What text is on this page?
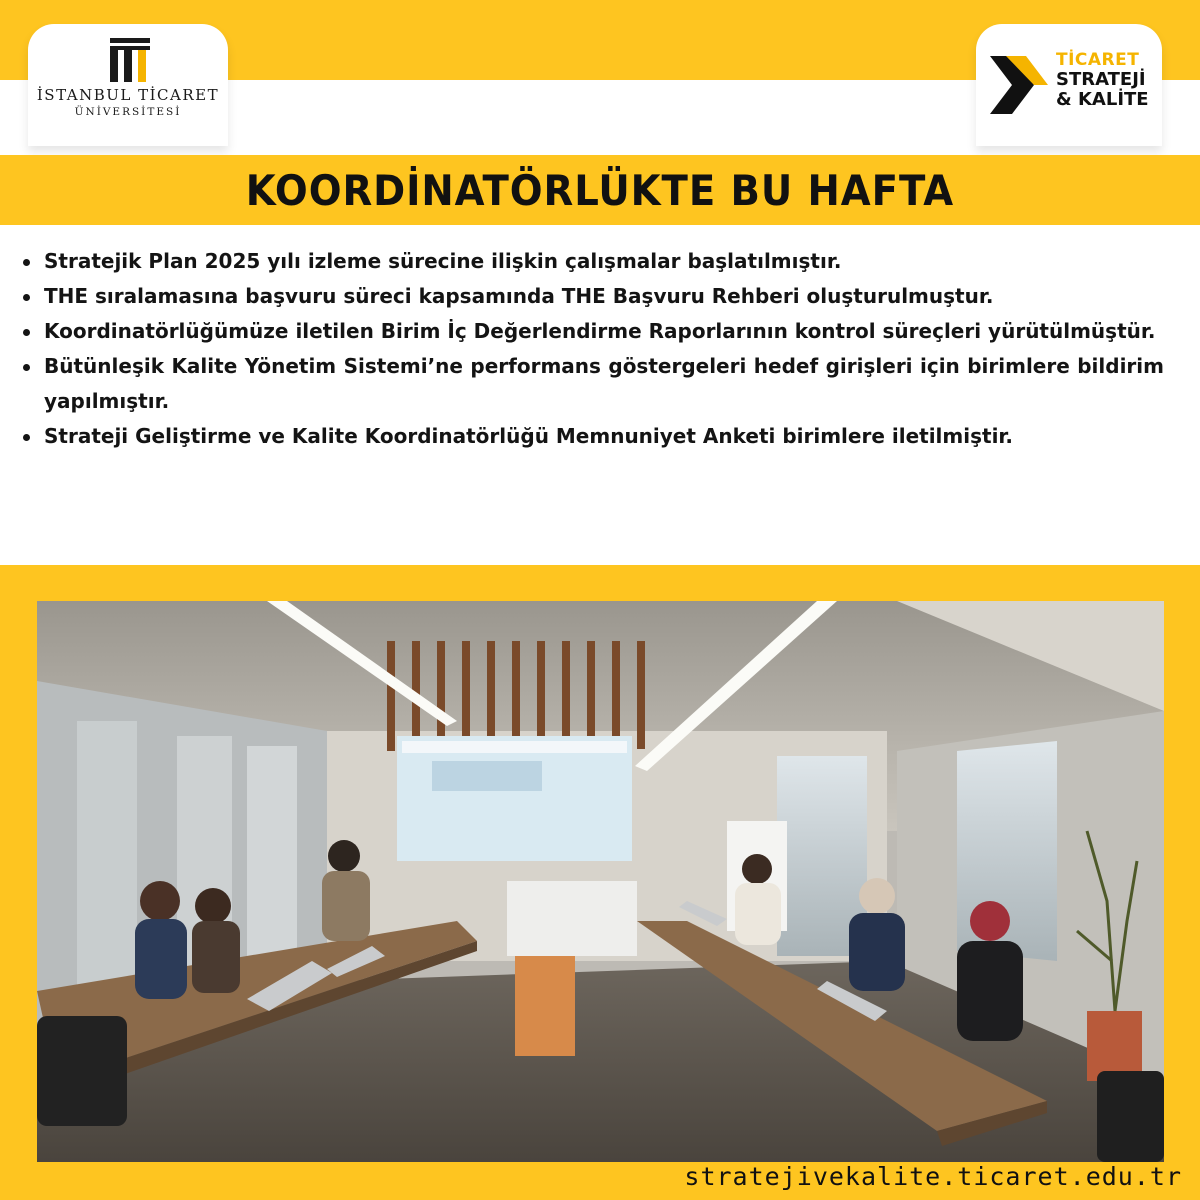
İSTANBUL TİCARET
ÜNİVERSİTESİ
TİCARET
STRATEJİ
& KALİTE
KOORDİNATÖRLÜKTE BU HAFTA
Stratejik Plan 2025 yılı izleme sürecine ilişkin çalışmalar başlatılmıştır.
THE sıralamasına başvuru süreci kapsamında THE Başvuru Rehberi oluşturulmuştur.
Koordinatörlüğümüze iletilen Birim İç Değerlendirme Raporlarının kontrol süreçleri yürütülmüştür.
Bütünleşik Kalite Yönetim Sistemi’ne performans göstergeleri hedef girişleri için birimlere bildirim yapılmıştır.
Strateji Geliştirme ve Kalite Koordinatörlüğü Memnuniyet Anketi birimlere iletilmiştir.
stratejivekalite.ticaret.edu.tr
